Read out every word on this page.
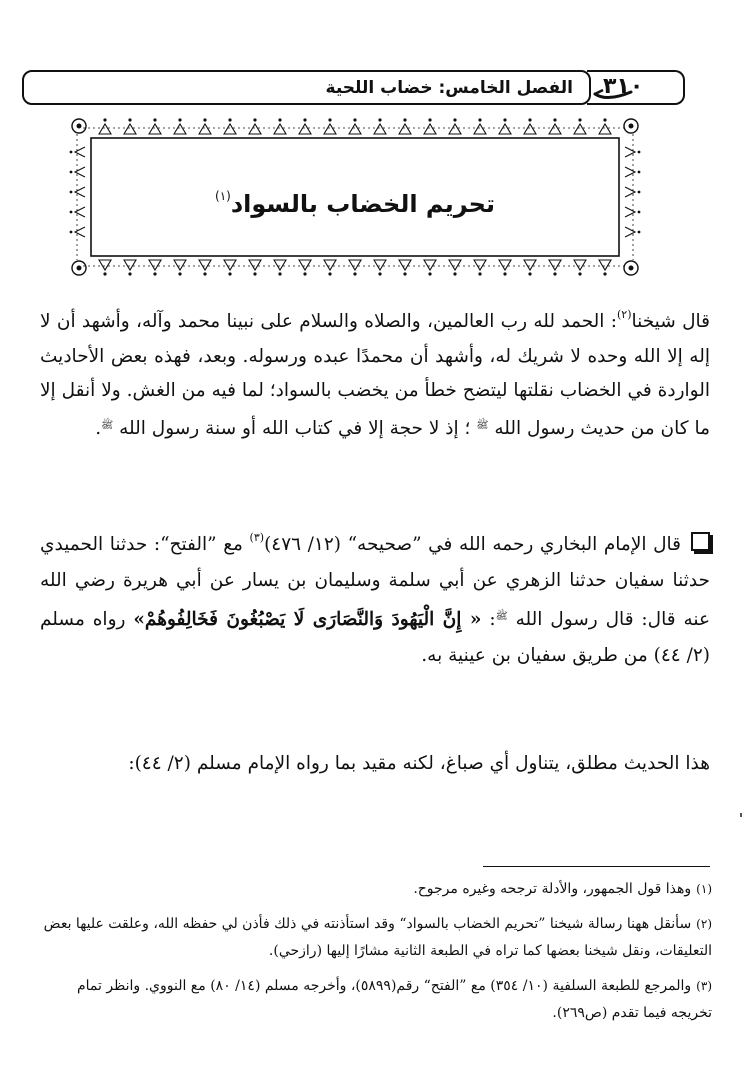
الفصل الخامس: خضاب اللحية ٣١٠
تحريم الخضاب بالسواد$^{(١)}$
قال شيخنا$^{(٢)}$: الحمد لله رب العالمين، والصلاه والسلام على نبينا محمد وآله، وأشهد أن لا إله إلا الله وحده لا شريك له، وأشهد أن محمدًا عبده ورسوله. وبعد، فهذه بعض الأحاديث الواردة في الخضاب نقلتها ليتضح خطأ من يخضب بالسواد؛ لما فيه من الغش. ولا أنقل إلا ما كان من حديث رسول الله $^ﷺ$ ؛ إذ لا حجة إلا في كتاب الله أو سنة رسول الله $^ﷺ$.
قال الإمام البخاري رحمه الله في ”صحيحه“ (١٢/ ٤٧٦)$^{(٣)}$ مع ”الفتح“: حدثنا الحميدي حدثنا سفيان حدثنا الزهري عن أبي سلمة وسليمان بن يسار عن أبي هريرة رضي الله عنه قال: قال رسول الله $^ﷺ$: « إِنَّ الْيَهُودَ وَالنَّصَارَى لَا يَصْبُغُونَ فَخَالِفُوهُمْ» رواه مسلم (٢/ ٤٤) من طريق سفيان بن عينية به.
هذا الحديث مطلق، يتناول أي صباغ، لكنه مقيد بما رواه الإمام مسلم (٢/ ٤٤):
(١)وهذا قول الجمهور، والأدلة ترجحه وغيره مرجوح.
(٢)سأنقل ههنا رسالة شيخنا ”تحريم الخضاب بالسواد“ وقد استأذنته في ذلك فأذن لي حفظه الله، وعلقت عليها بعض التعليقات، ونقل شيخنا بعضها كما تراه في الطبعة الثانية مشارًا إليها (رازحي).
(٣)والمرجع للطبعة السلفية (١٠/ ٣٥٤) مع ”الفتح“ رقم(٥٨٩٩)، وأخرجه مسلم (١٤/ ٨٠) مع النووي. وانظر تمام تخريجه فيما تقدم (ص٢٦٩).
